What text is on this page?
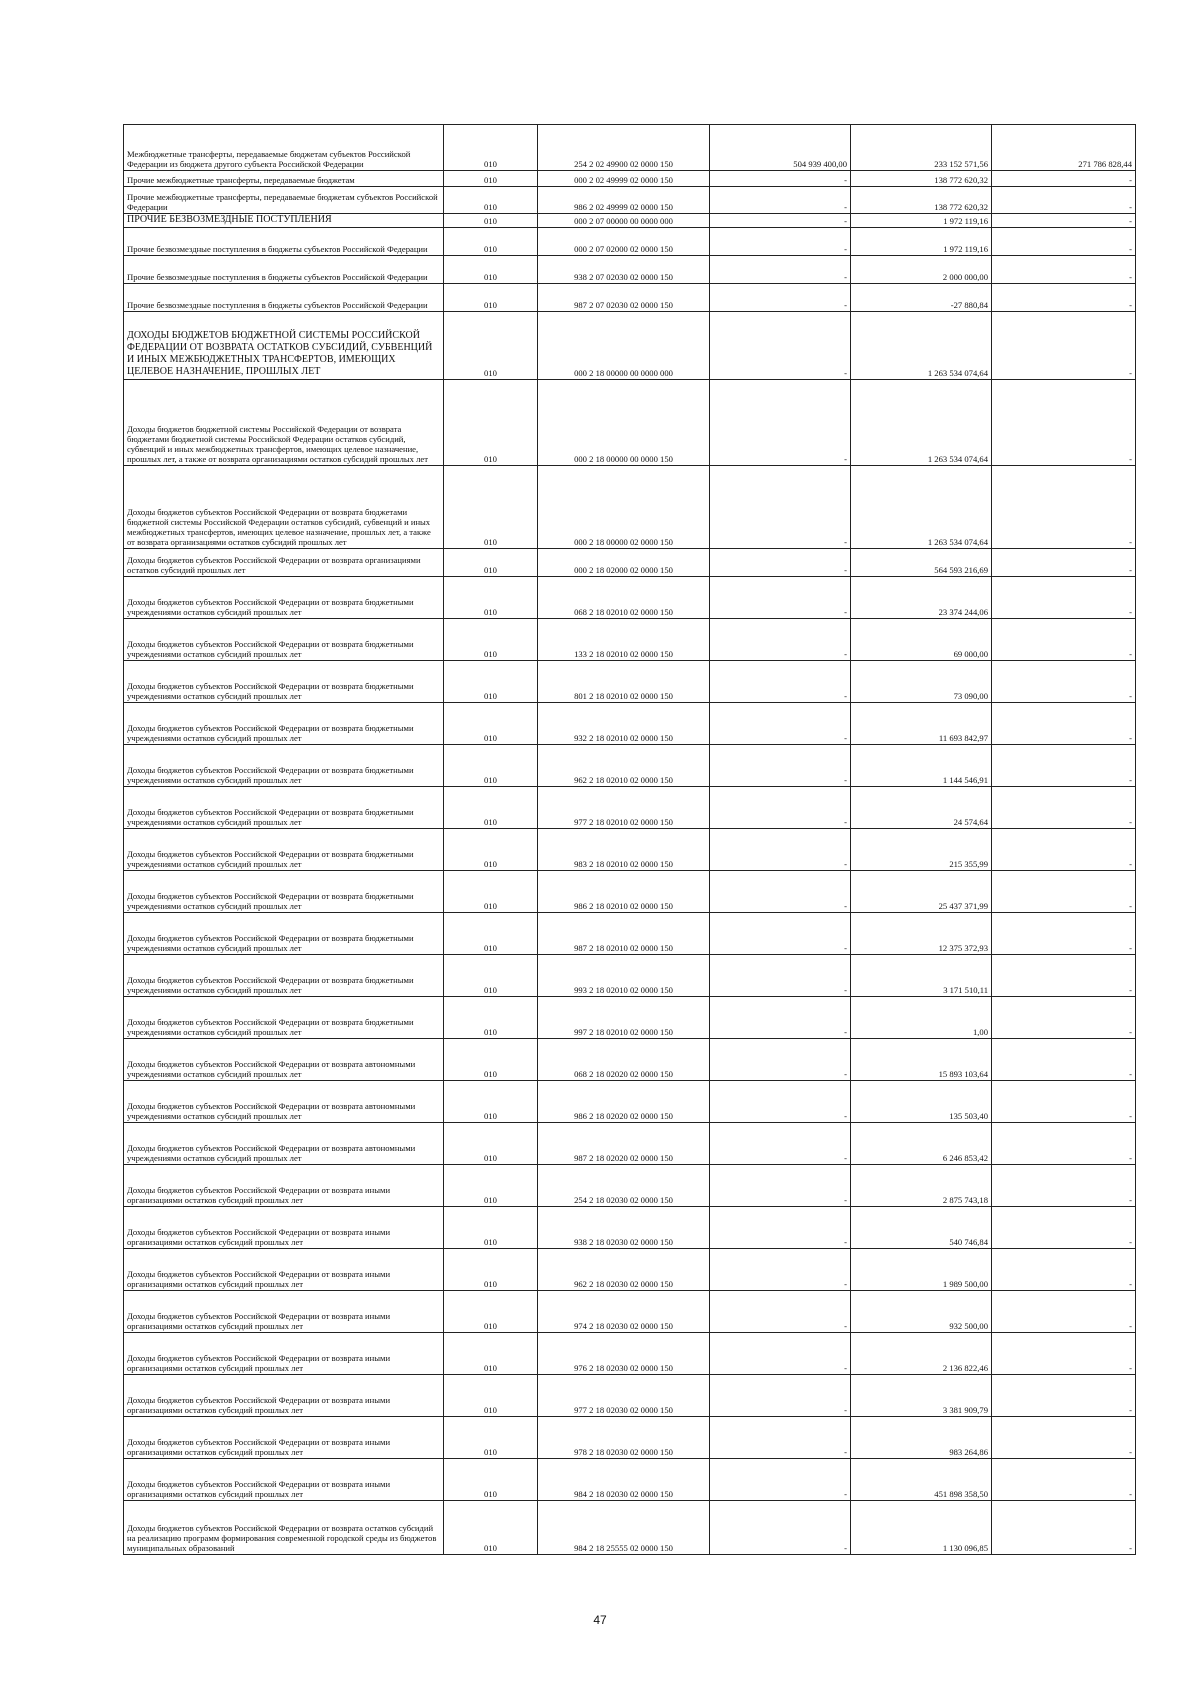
Межбюджетные трансферты, передаваемые бюджетам субъектов Российской Федерации из бюджета другого субъекта Российской Федерации	010	254 2 02 49900 02 0000 150	504 939 400,00	233 152 571,56	271 786 828,44
Прочие межбюджетные трансферты, передаваемые бюджетам	010	000 2 02 49999 02 0000 150	-	138 772 620,32	-
Прочие межбюджетные трансферты, передаваемые бюджетам субъектов Российской Федерации	010	986 2 02 49999 02 0000 150	-	138 772 620,32	-
ПРОЧИЕ БЕЗВОЗМЕЗДНЫЕ ПОСТУПЛЕНИЯ	010	000 2 07 00000 00 0000 000	-	1 972 119,16	-
Прочие безвозмездные поступления в бюджеты субъектов Российской Федерации	010	000 2 07 02000 02 0000 150	-	1 972 119,16	-
Прочие безвозмездные поступления в бюджеты субъектов Российской Федерации	010	938 2 07 02030 02 0000 150	-	2 000 000,00	-
Прочие безвозмездные поступления в бюджеты субъектов Российской Федерации	010	987 2 07 02030 02 0000 150	-	-27 880,84	-
ДОХОДЫ БЮДЖЕТОВ БЮДЖЕТНОЙ СИСТЕМЫ РОССИЙСКОЙ ФЕДЕРАЦИИ ОТ ВОЗВРАТА ОСТАТКОВ СУБСИДИЙ, СУБВЕНЦИЙ И ИНЫХ МЕЖБЮДЖЕТНЫХ ТРАНСФЕРТОВ, ИМЕЮЩИХ ЦЕЛЕВОЕ НАЗНАЧЕНИЕ, ПРОШЛЫХ ЛЕТ	010	000 2 18 00000 00 0000 000	-	1 263 534 074,64	-
Доходы бюджетов бюджетной системы Российской Федерации от возврата бюджетами бюджетной системы Российской Федерации остатков субсидий, субвенций и иных межбюджетных трансфертов, имеющих целевое назначение, прошлых лет, а также от возврата организациями остатков субсидий прошлых лет	010	000 2 18 00000 00 0000 150	-	1 263 534 074,64	-
Доходы бюджетов субъектов Российской Федерации от возврата бюджетами бюджетной системы Российской Федерации остатков субсидий, субвенций и иных межбюджетных трансфертов, имеющих целевое назначение, прошлых лет, а также от возврата организациями остатков субсидий прошлых лет	010	000 2 18 00000 02 0000 150	-	1 263 534 074,64	-
Доходы бюджетов субъектов Российской Федерации от возврата организациями остатков субсидий прошлых лет	010	000 2 18 02000 02 0000 150	-	564 593 216,69	-
Доходы бюджетов субъектов Российской Федерации от возврата бюджетными учреждениями остатков субсидий прошлых лет	010	068 2 18 02010 02 0000 150	-	23 374 244,06	-
Доходы бюджетов субъектов Российской Федерации от возврата бюджетными учреждениями остатков субсидий прошлых лет	010	133 2 18 02010 02 0000 150	-	69 000,00	-
Доходы бюджетов субъектов Российской Федерации от возврата бюджетными учреждениями остатков субсидий прошлых лет	010	801 2 18 02010 02 0000 150	-	73 090,00	-
Доходы бюджетов субъектов Российской Федерации от возврата бюджетными учреждениями остатков субсидий прошлых лет	010	932 2 18 02010 02 0000 150	-	11 693 842,97	-
Доходы бюджетов субъектов Российской Федерации от возврата бюджетными учреждениями остатков субсидий прошлых лет	010	962 2 18 02010 02 0000 150	-	1 144 546,91	-
Доходы бюджетов субъектов Российской Федерации от возврата бюджетными учреждениями остатков субсидий прошлых лет	010	977 2 18 02010 02 0000 150	-	24 574,64	-
Доходы бюджетов субъектов Российской Федерации от возврата бюджетными учреждениями остатков субсидий прошлых лет	010	983 2 18 02010 02 0000 150	-	215 355,99	-
Доходы бюджетов субъектов Российской Федерации от возврата бюджетными учреждениями остатков субсидий прошлых лет	010	986 2 18 02010 02 0000 150	-	25 437 371,99	-
Доходы бюджетов субъектов Российской Федерации от возврата бюджетными учреждениями остатков субсидий прошлых лет	010	987 2 18 02010 02 0000 150	-	12 375 372,93	-
Доходы бюджетов субъектов Российской Федерации от возврата бюджетными учреждениями остатков субсидий прошлых лет	010	993 2 18 02010 02 0000 150	-	3 171 510,11	-
Доходы бюджетов субъектов Российской Федерации от возврата бюджетными учреждениями остатков субсидий прошлых лет	010	997 2 18 02010 02 0000 150	-	1,00	-
Доходы бюджетов субъектов Российской Федерации от возврата автономными учреждениями остатков субсидий прошлых лет	010	068 2 18 02020 02 0000 150	-	15 893 103,64	-
Доходы бюджетов субъектов Российской Федерации от возврата автономными учреждениями остатков субсидий прошлых лет	010	986 2 18 02020 02 0000 150	-	135 503,40	-
Доходы бюджетов субъектов Российской Федерации от возврата автономными учреждениями остатков субсидий прошлых лет	010	987 2 18 02020 02 0000 150	-	6 246 853,42	-
Доходы бюджетов субъектов Российской Федерации от возврата иными организациями остатков субсидий прошлых лет	010	254 2 18 02030 02 0000 150	-	2 875 743,18	-
Доходы бюджетов субъектов Российской Федерации от возврата иными организациями остатков субсидий прошлых лет	010	938 2 18 02030 02 0000 150	-	540 746,84	-
Доходы бюджетов субъектов Российской Федерации от возврата иными организациями остатков субсидий прошлых лет	010	962 2 18 02030 02 0000 150	-	1 989 500,00	-
Доходы бюджетов субъектов Российской Федерации от возврата иными организациями остатков субсидий прошлых лет	010	974 2 18 02030 02 0000 150	-	932 500,00	-
Доходы бюджетов субъектов Российской Федерации от возврата иными организациями остатков субсидий прошлых лет	010	976 2 18 02030 02 0000 150	-	2 136 822,46	-
Доходы бюджетов субъектов Российской Федерации от возврата иными организациями остатков субсидий прошлых лет	010	977 2 18 02030 02 0000 150	-	3 381 909,79	-
Доходы бюджетов субъектов Российской Федерации от возврата иными организациями остатков субсидий прошлых лет	010	978 2 18 02030 02 0000 150	-	983 264,86	-
Доходы бюджетов субъектов Российской Федерации от возврата иными организациями остатков субсидий прошлых лет	010	984 2 18 02030 02 0000 150	-	451 898 358,50	-
Доходы бюджетов субъектов Российской Федерации от возврата остатков субсидий на реализацию программ формирования современной городской среды из бюджетов муниципальных образований	010	984 2 18 25555 02 0000 150	-	1 130 096,85	-
47
